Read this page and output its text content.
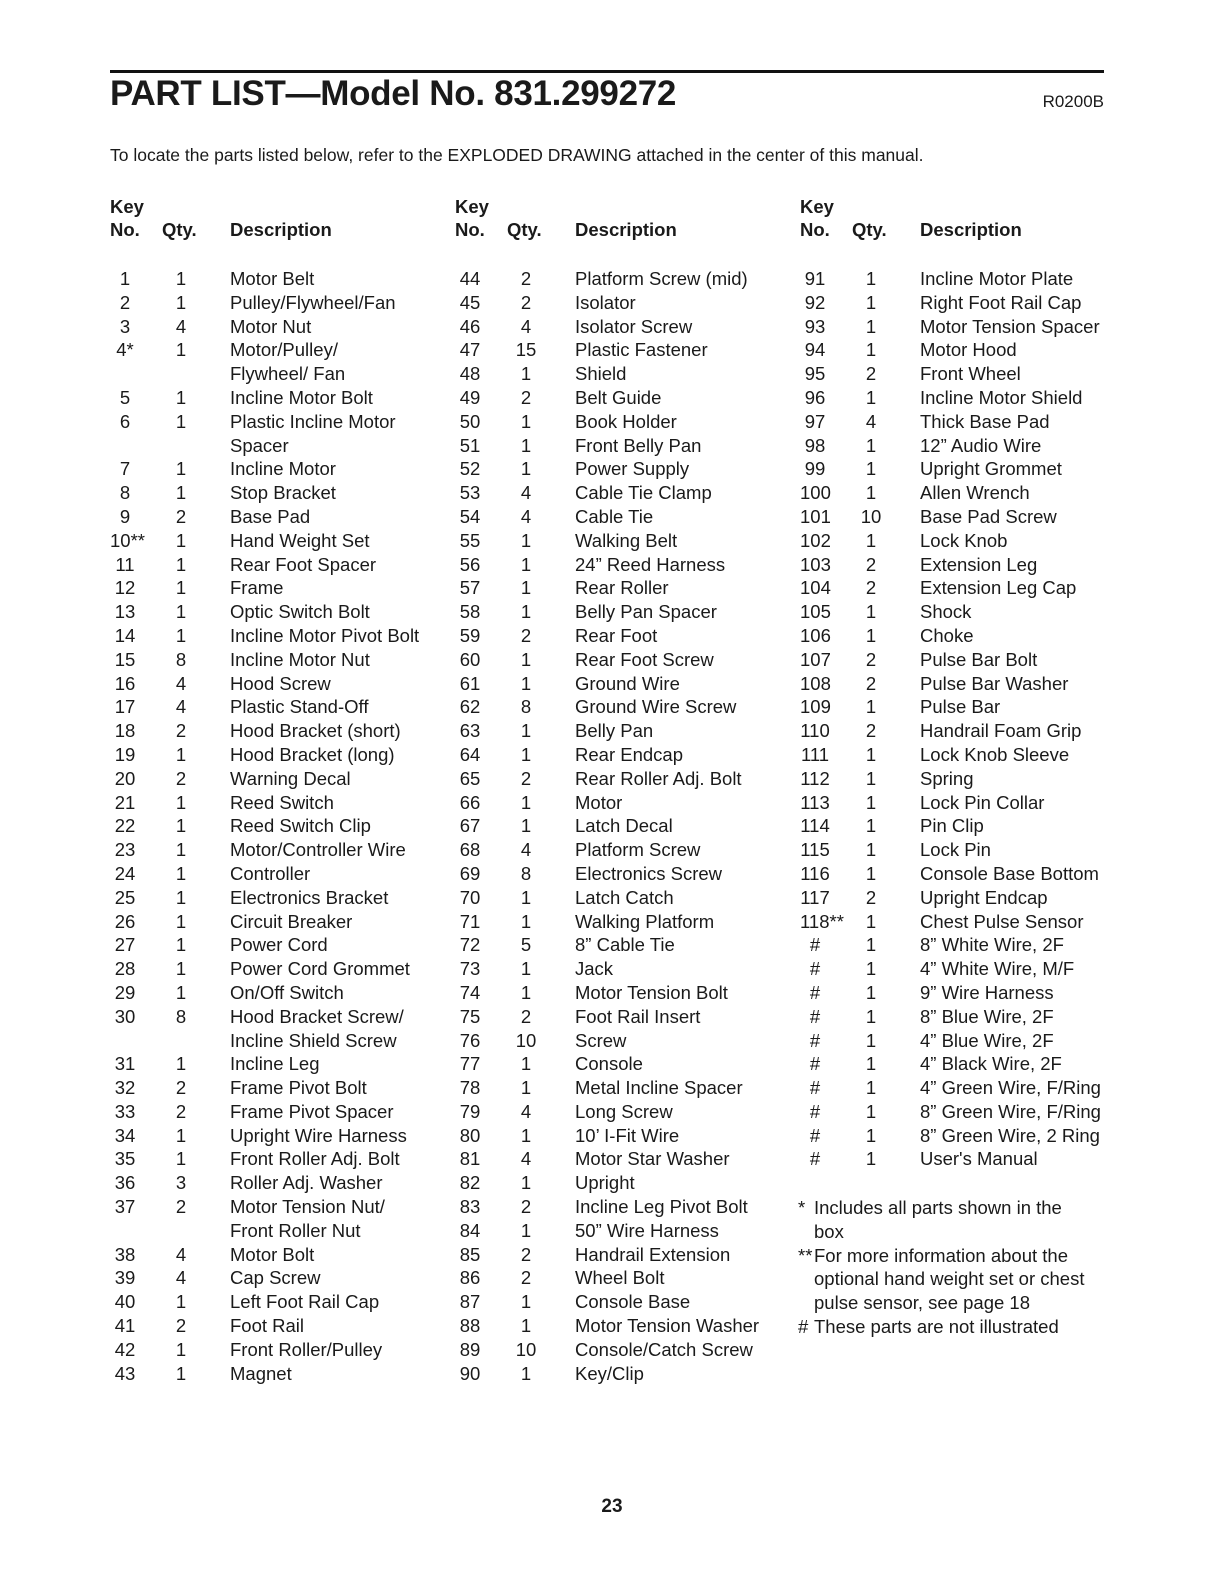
PART LIST—Model No. 831.299272	R0200B
To locate the parts listed below, refer to the EXPLODED DRAWING attached in the center of this manual.
Key
No. Qty. Description
1	1	Motor Belt
2	1	Pulley/Flywheel/Fan
3	4	Motor Nut
4*	1	Motor/Pulley/
Flywheel/ Fan
5	1	Incline Motor Bolt
6	1	Plastic Incline Motor
Spacer
7	1	Incline Motor
8	1	Stop Bracket
9	2	Base Pad
10**	1	Hand Weight Set
11	1	Rear Foot Spacer
12	1	Frame
13	1	Optic Switch Bolt
14	1	Incline Motor Pivot Bolt
15	8	Incline Motor Nut
16	4	Hood Screw
17	4	Plastic Stand-Off
18	2	Hood Bracket (short)
19	1	Hood Bracket (long)
20	2	Warning Decal
21	1	Reed Switch
22	1	Reed Switch Clip
23	1	Motor/Controller Wire
24	1	Controller
25	1	Electronics Bracket
26	1	Circuit Breaker
27	1	Power Cord
28	1	Power Cord Grommet
29	1	On/Off Switch
30	8	Hood Bracket Screw/
Incline Shield Screw
31	1	Incline Leg
32	2	Frame Pivot Bolt
33	2	Frame Pivot Spacer
34	1	Upright Wire Harness
35	1	Front Roller Adj. Bolt
36	3	Roller Adj. Washer
37	2	Motor Tension Nut/
Front Roller Nut
38	4	Motor Bolt
39	4	Cap Screw
40	1	Left Foot Rail Cap
41	2	Foot Rail
42	1	Front Roller/Pulley
43	1	Magnet
Key
No. Qty. Description
44	2	Platform Screw (mid)
45	2	Isolator
46	4	Isolator Screw
47 15 Plastic Fastener
48	1	Shield
49	2	Belt Guide
50	1	Book Holder
51	1	Front Belly Pan
52	1	Power Supply
53	4	Cable Tie Clamp
54	4	Cable Tie
55	1	Walking Belt
56	1	24” Reed Harness
57	1	Rear Roller
58	1	Belly Pan Spacer
59	2	Rear Foot
60	1	Rear Foot Screw
61	1	Ground Wire
62	8	Ground Wire Screw
63	1	Belly Pan
64	1	Rear Endcap
65	2	Rear Roller Adj. Bolt
66	1	Motor
67	1	Latch Decal
68	4	Platform Screw
69	8	Electronics Screw
70	1	Latch Catch
71	1	Walking Platform
72	5	8” Cable Tie
73	1	Jack
74	1	Motor Tension Bolt
75	2	Foot Rail Insert
76 10 Screw
77	1	Console
78	1	Metal Incline Spacer
79	4	Long Screw
80	1	10’ I-Fit Wire
81	4	Motor Star Washer
82	1	Upright
83	2	Incline Leg Pivot Bolt
84	1	50” Wire Harness
85	2	Handrail Extension
86	2	Wheel Bolt
87	1	Console Base
88	1	Motor Tension Washer
89 10 Console/Catch Screw
90	1	Key/Clip
Key
No. Qty. Description
91	1	Incline Motor Plate
92	1	Right Foot Rail Cap
93	1	Motor Tension Spacer
94	1	Motor Hood
95	2	Front Wheel
96	1	Incline Motor Shield
97	4	Thick Base Pad
98	1	12” Audio Wire
99	1	Upright Grommet
100	1	Allen Wrench
101 10 Base Pad Screw
102	1	Lock Knob
103	2	Extension Leg
104	2	Extension Leg Cap
105	1	Shock
106	1	Choke
107	2	Pulse Bar Bolt
108	2	Pulse Bar Washer
109	1	Pulse Bar
110	2	Handrail Foam Grip
111	1	Lock Knob Sleeve
112	1	Spring
113	1	Lock Pin Collar
114	1	Pin Clip
115	1	Lock Pin
116	1	Console Base Bottom
117	2	Upright Endcap
118**	1	Chest Pulse Sensor
#	1	8” White Wire, 2F
#	1	4” White Wire, M/F
#	1	9” Wire Harness
#	1	8” Blue Wire, 2F
#	1	4” Blue Wire, 2F
#	1	4” Black Wire, 2F
#	1	4” Green Wire, F/Ring
#	1	8” Green Wire, F/Ring
#	1	8” Green Wire, 2 Ring
#	1	User's Manual
* Includes all parts shown in the
box
**For more information about the
optional hand weight set or chest
pulse sensor, see page 18
# These parts are not illustrated
23
